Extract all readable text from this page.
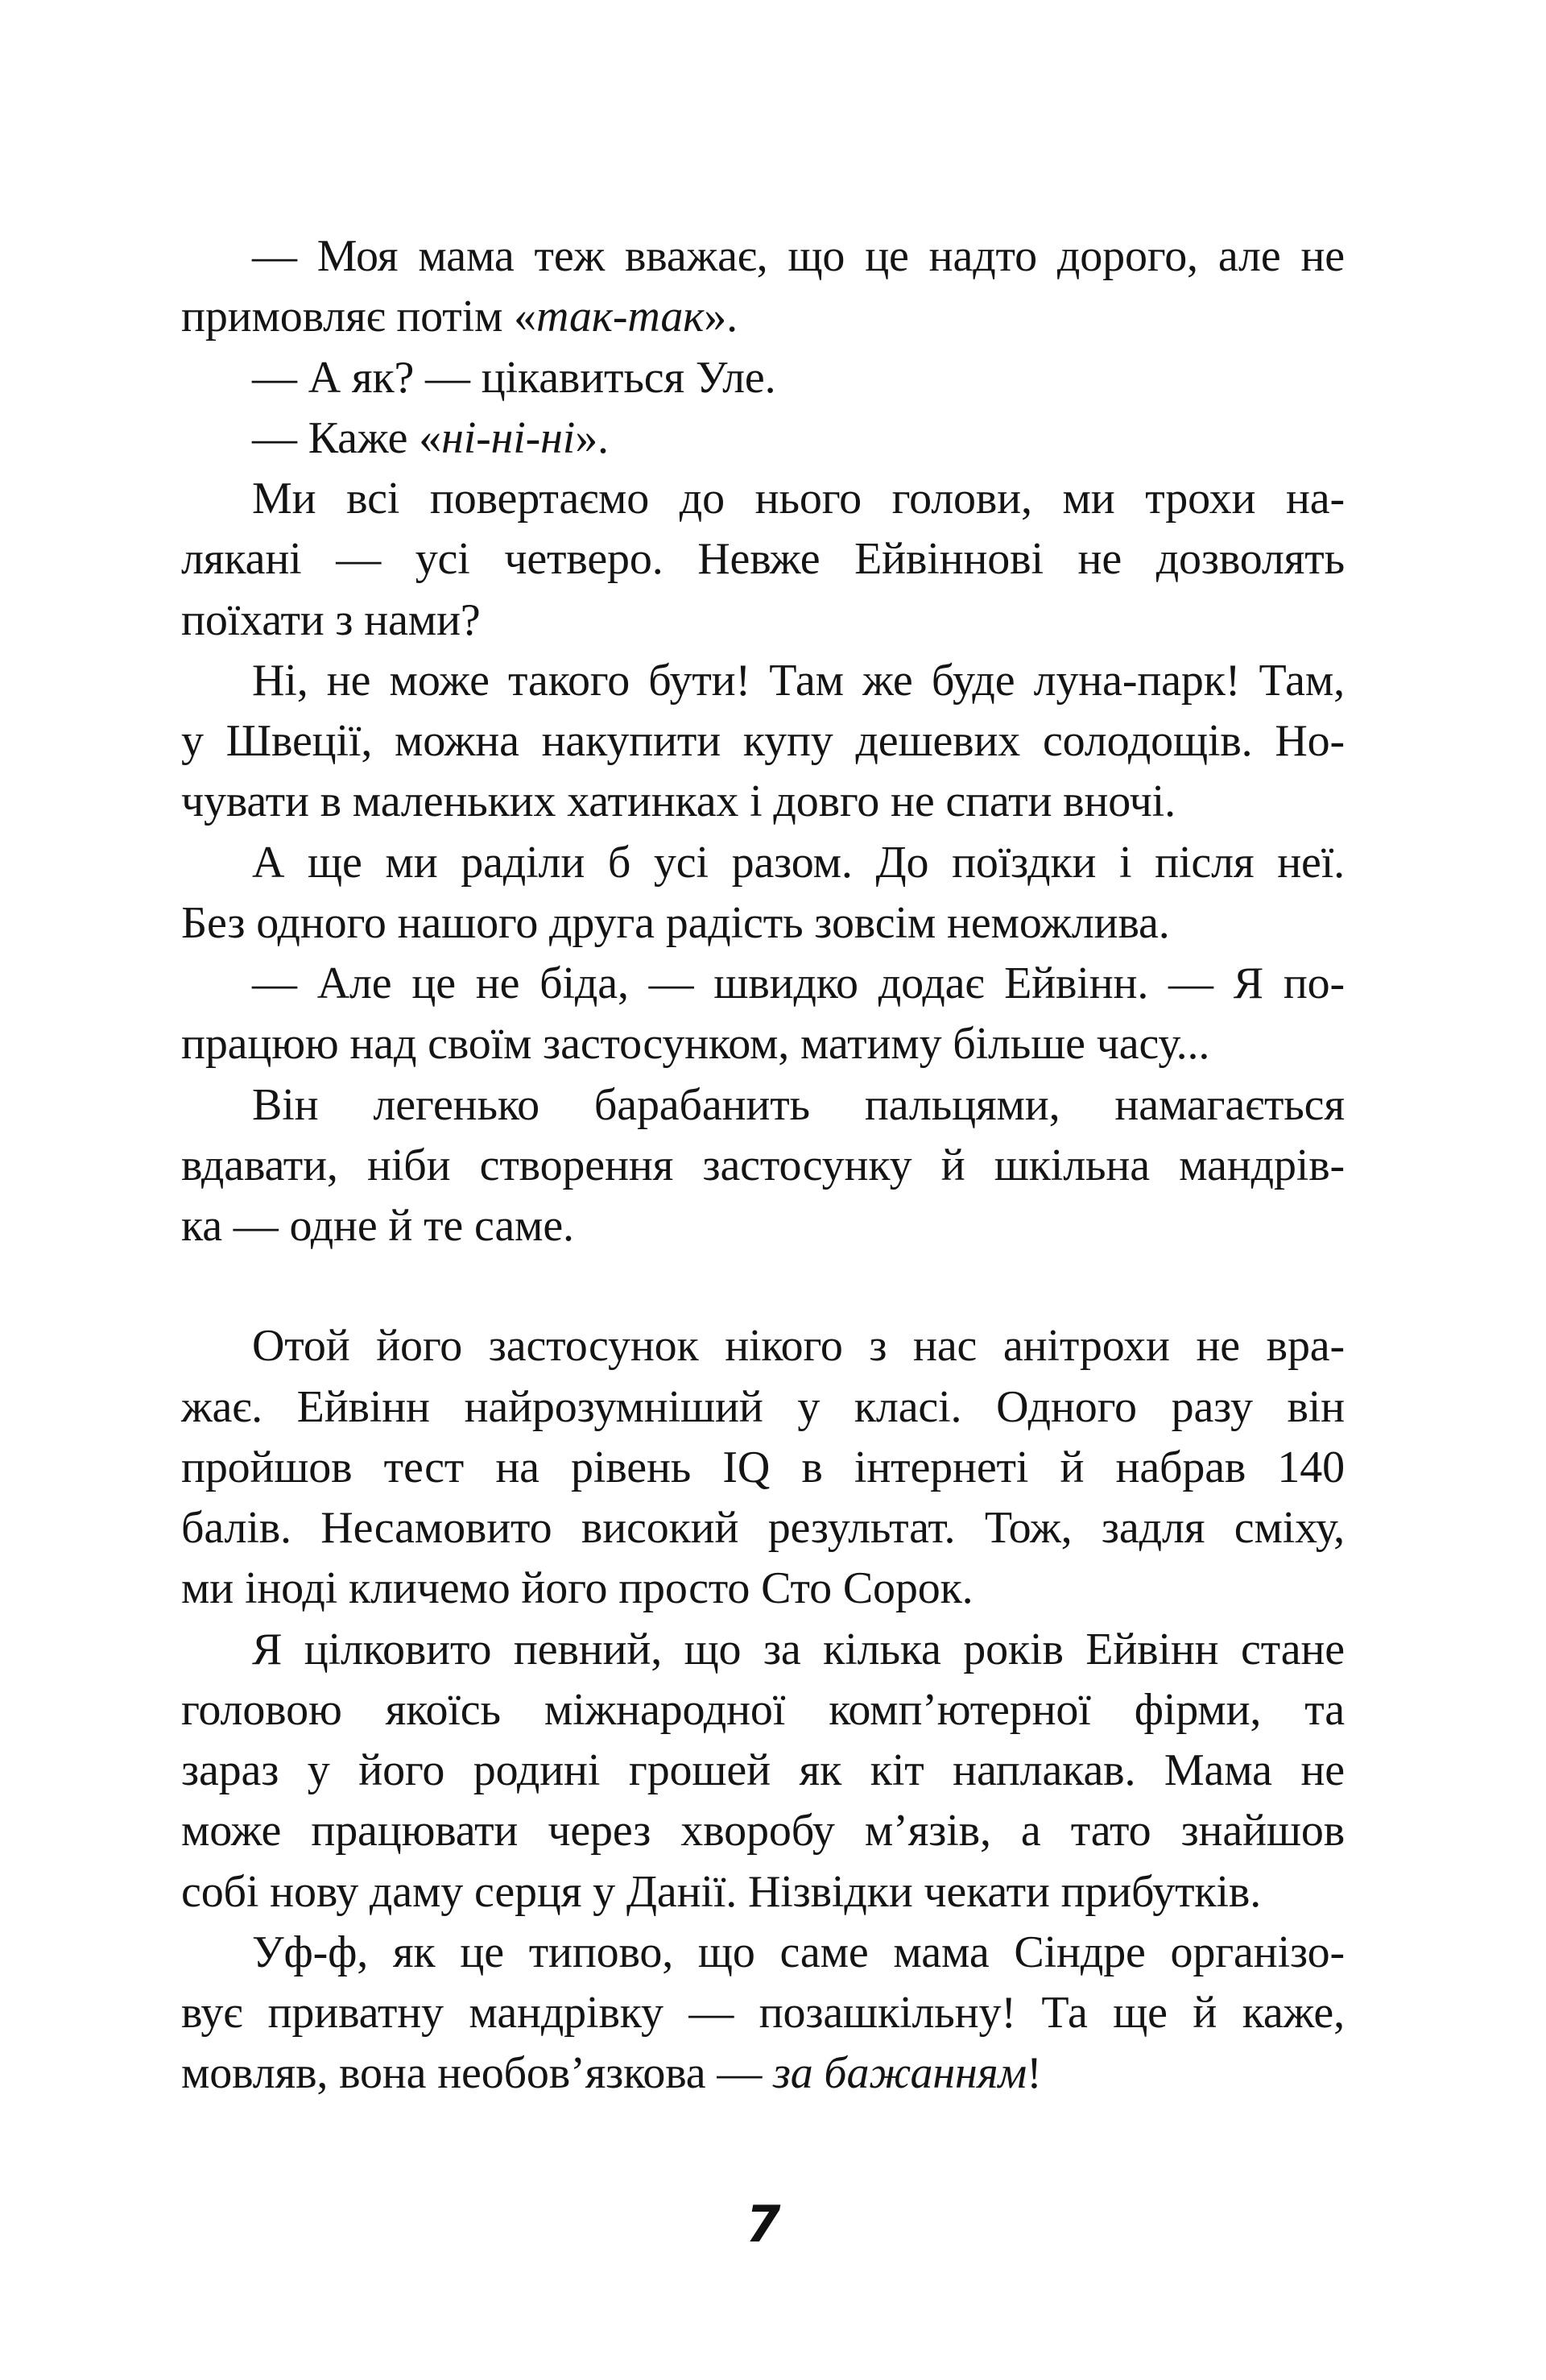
— Моя мама теж вважає, що це надто дорого, але не
примовляє потім «так-так».
— А як? — цікавиться Уле.
— Каже «ні-ні-ні».
Ми всі повертаємо до нього голови, ми трохи на-
лякані — усі четверо. Невже Ейвіннові не дозволять
поїхати з нами?
Ні, не може такого бути! Там же буде луна-парк! Там,
у Швеції, можна накупити купу дешевих солодощів. Но-
чувати в маленьких хатинках і довго не спати вночі.
А ще ми раділи б усі разом. До поїздки і після неї.
Без одного нашого друга радість зовсім неможлива.
— Але це не біда, — швидко додає Ейвінн. — Я по-
працюю над своїм застосунком, матиму більше часу...
Він легенько барабанить пальцями, намагається
вдавати, ніби створення застосунку й шкільна мандрів-
ка — одне й те саме.
Отой його застосунок нікого з нас анітрохи не вра-
жає. Ейвінн найрозумніший у класі. Одного разу він
пройшов тест на рівень IQ в інтернеті й набрав 140
балів. Несамовито високий результат. Тож, задля сміху,
ми іноді кличемо його просто Сто Сорок.
Я цілковито певний, що за кілька років Ейвінн стане
головою якоїсь міжнародної комп’ютерної фірми, та
зараз у його родині грошей як кіт наплакав. Мама не
може працювати через хворобу м’язів, а тато знайшов
собі нову даму серця у Данії. Нізвідки чекати прибутків.
Уф-ф, як це типово, що саме мама Сіндре організо-
вує приватну мандрівку — позашкільну! Та ще й каже,
мовляв, вона необов’язкова — за бажанням!
7
